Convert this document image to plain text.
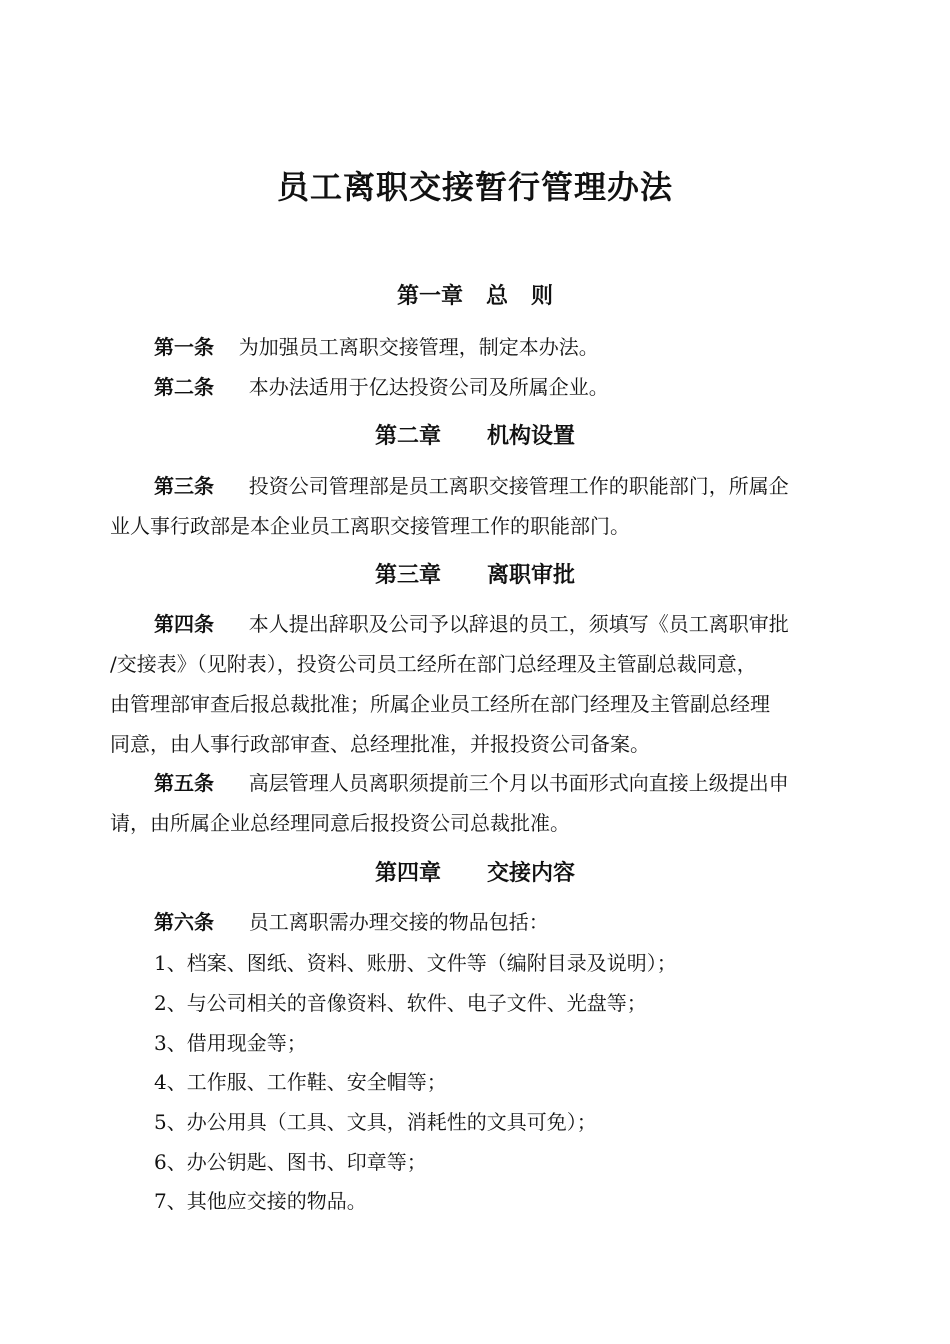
员工离职交接暂行管理办法
第一章   总   则
第一条 为加强员工离职交接管理，制定本办法。
第二条 本办法适用于亿达投资公司及所属企业。
第二章      机构设置
第三条 投资公司管理部是员工离职交接管理工作的职能部门，所属企
业人事行政部是本企业员工离职交接管理工作的职能部门。
第三章      离职审批
第四条 本人提出辞职及公司予以辞退的员工，须填写《员工离职审批
/交接表》（见附表），投资公司员工经所在部门总经理及主管副总裁同意，
由管理部审查后报总裁批准；所属企业员工经所在部门经理及主管副总经理
同意，由人事行政部审查、总经理批准，并报投资公司备案。
第五条 高层管理人员离职须提前三个月以书面形式向直接上级提出申
请，由所属企业总经理同意后报投资公司总裁批准。
第四章      交接内容
第六条 员工离职需办理交接的物品包括：
1、档案、图纸、资料、账册、文件等（编附目录及说明）；
2、与公司相关的音像资料、软件、电子文件、光盘等；
3、借用现金等；
4、工作服、工作鞋、安全帽等；
5、办公用具（工具、文具，消耗性的文具可免）；
6、办公钥匙、图书、印章等；
7、其他应交接的物品。
